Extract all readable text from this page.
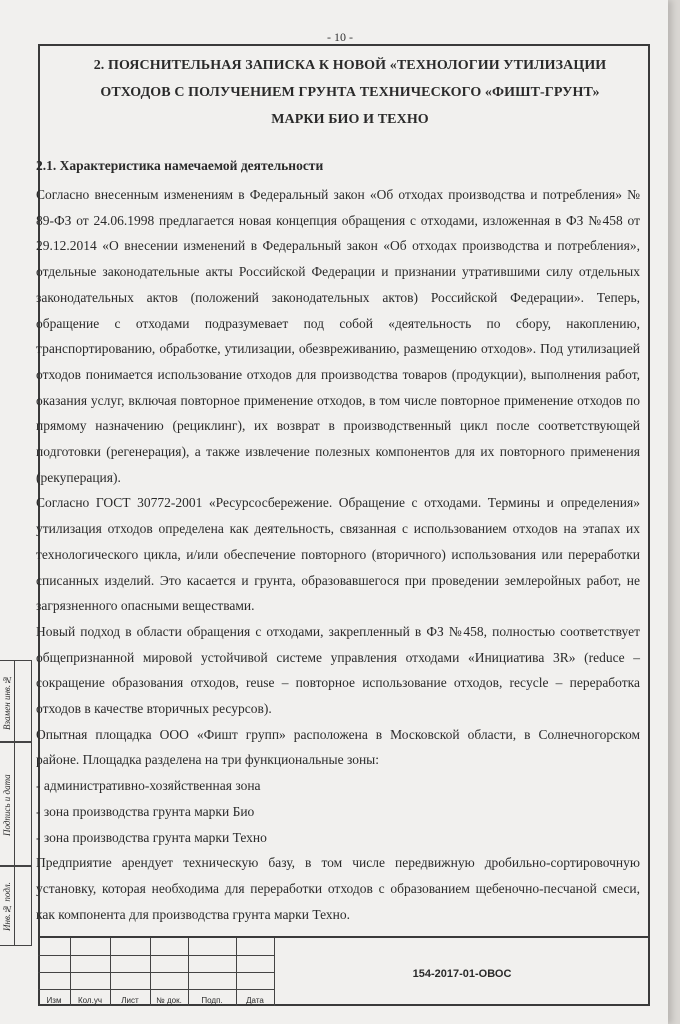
- 10 -
Взамен инв.№
Подпись и дата
Инв.№ подл.
2. ПОЯСНИТЕЛЬНАЯ ЗАПИСКА К НОВОЙ «ТЕХНОЛОГИИ УТИЛИЗАЦИИ
ОТХОДОВ С ПОЛУЧЕНИЕМ ГРУНТА ТЕХНИЧЕСКОГО «ФИШТ-ГРУНТ»
МАРКИ БИО И ТЕХНО
2.1. Характеристика намечаемой деятельности

Согласно внесенным изменениям в Федеральный закон «Об отходах производства и потребления» № 89-ФЗ от 24.06.1998 предлагается новая концепция обращения с отходами, изложенная в ФЗ №458 от 29.12.2014 «О внесении изменений в Федеральный закон «Об отходах производства и потребления», отдельные законодательные акты Российской Федерации и признании утратившими силу отдельных законодательных актов (положений законодательных актов) Российской Федерации». Теперь, обращение с отходами подразумевает под собой «деятельность по сбору, накоплению, транспортированию, обработке, утилизации, обезвреживанию, размещению отходов». Под утилизацией отходов понимается использование отходов для производства товаров (продукции), выполнения работ, оказания услуг, включая повторное применение отходов, в том числе повторное применение отходов по прямому назначению (рециклинг), их возврат в производственный цикл после соответствующей подготовки (регенерация), а также извлечение полезных компонентов для их повторного применения (рекуперация).

Согласно ГОСТ 30772-2001 «Ресурсосбережение. Обращение с отходами. Термины и определения» утилизация отходов определена как деятельность, связанная с использованием отходов на этапах их технологического цикла, и/или обеспечение повторного (вторичного) использования или переработки списанных изделий. Это касается и грунта, образовавшегося при проведении землеройных работ, не загрязненного опасными веществами.

Новый подход в области обращения с отходами, закрепленный в ФЗ №458, полностью соответствует общепризнанной мировой устойчивой системе управления отходами «Инициатива 3R» (reduce – сокращение образования отходов, reuse – повторное использование отходов, recycle – переработка отходов в качестве вторичных ресурсов).

Опытная площадка ООО «Фишт групп» расположена в Московской области, в Солнечногорском районе. Площадка разделена на три функциональные зоны:

- административно-хозяйственная зона

- зона производства грунта марки Био

- зона производства грунта марки Техно

Предприятие арендует техническую базу, в том числе передвижную дробильно-сортировочную установку, которая необходима для переработки отходов с образованием щебеночно-песчаной смеси, как компонента для производства грунта марки Техно.

Изм	Кол.уч	Лист	№ док.	Подп.	Дата
154-2017-01-ОВОС
